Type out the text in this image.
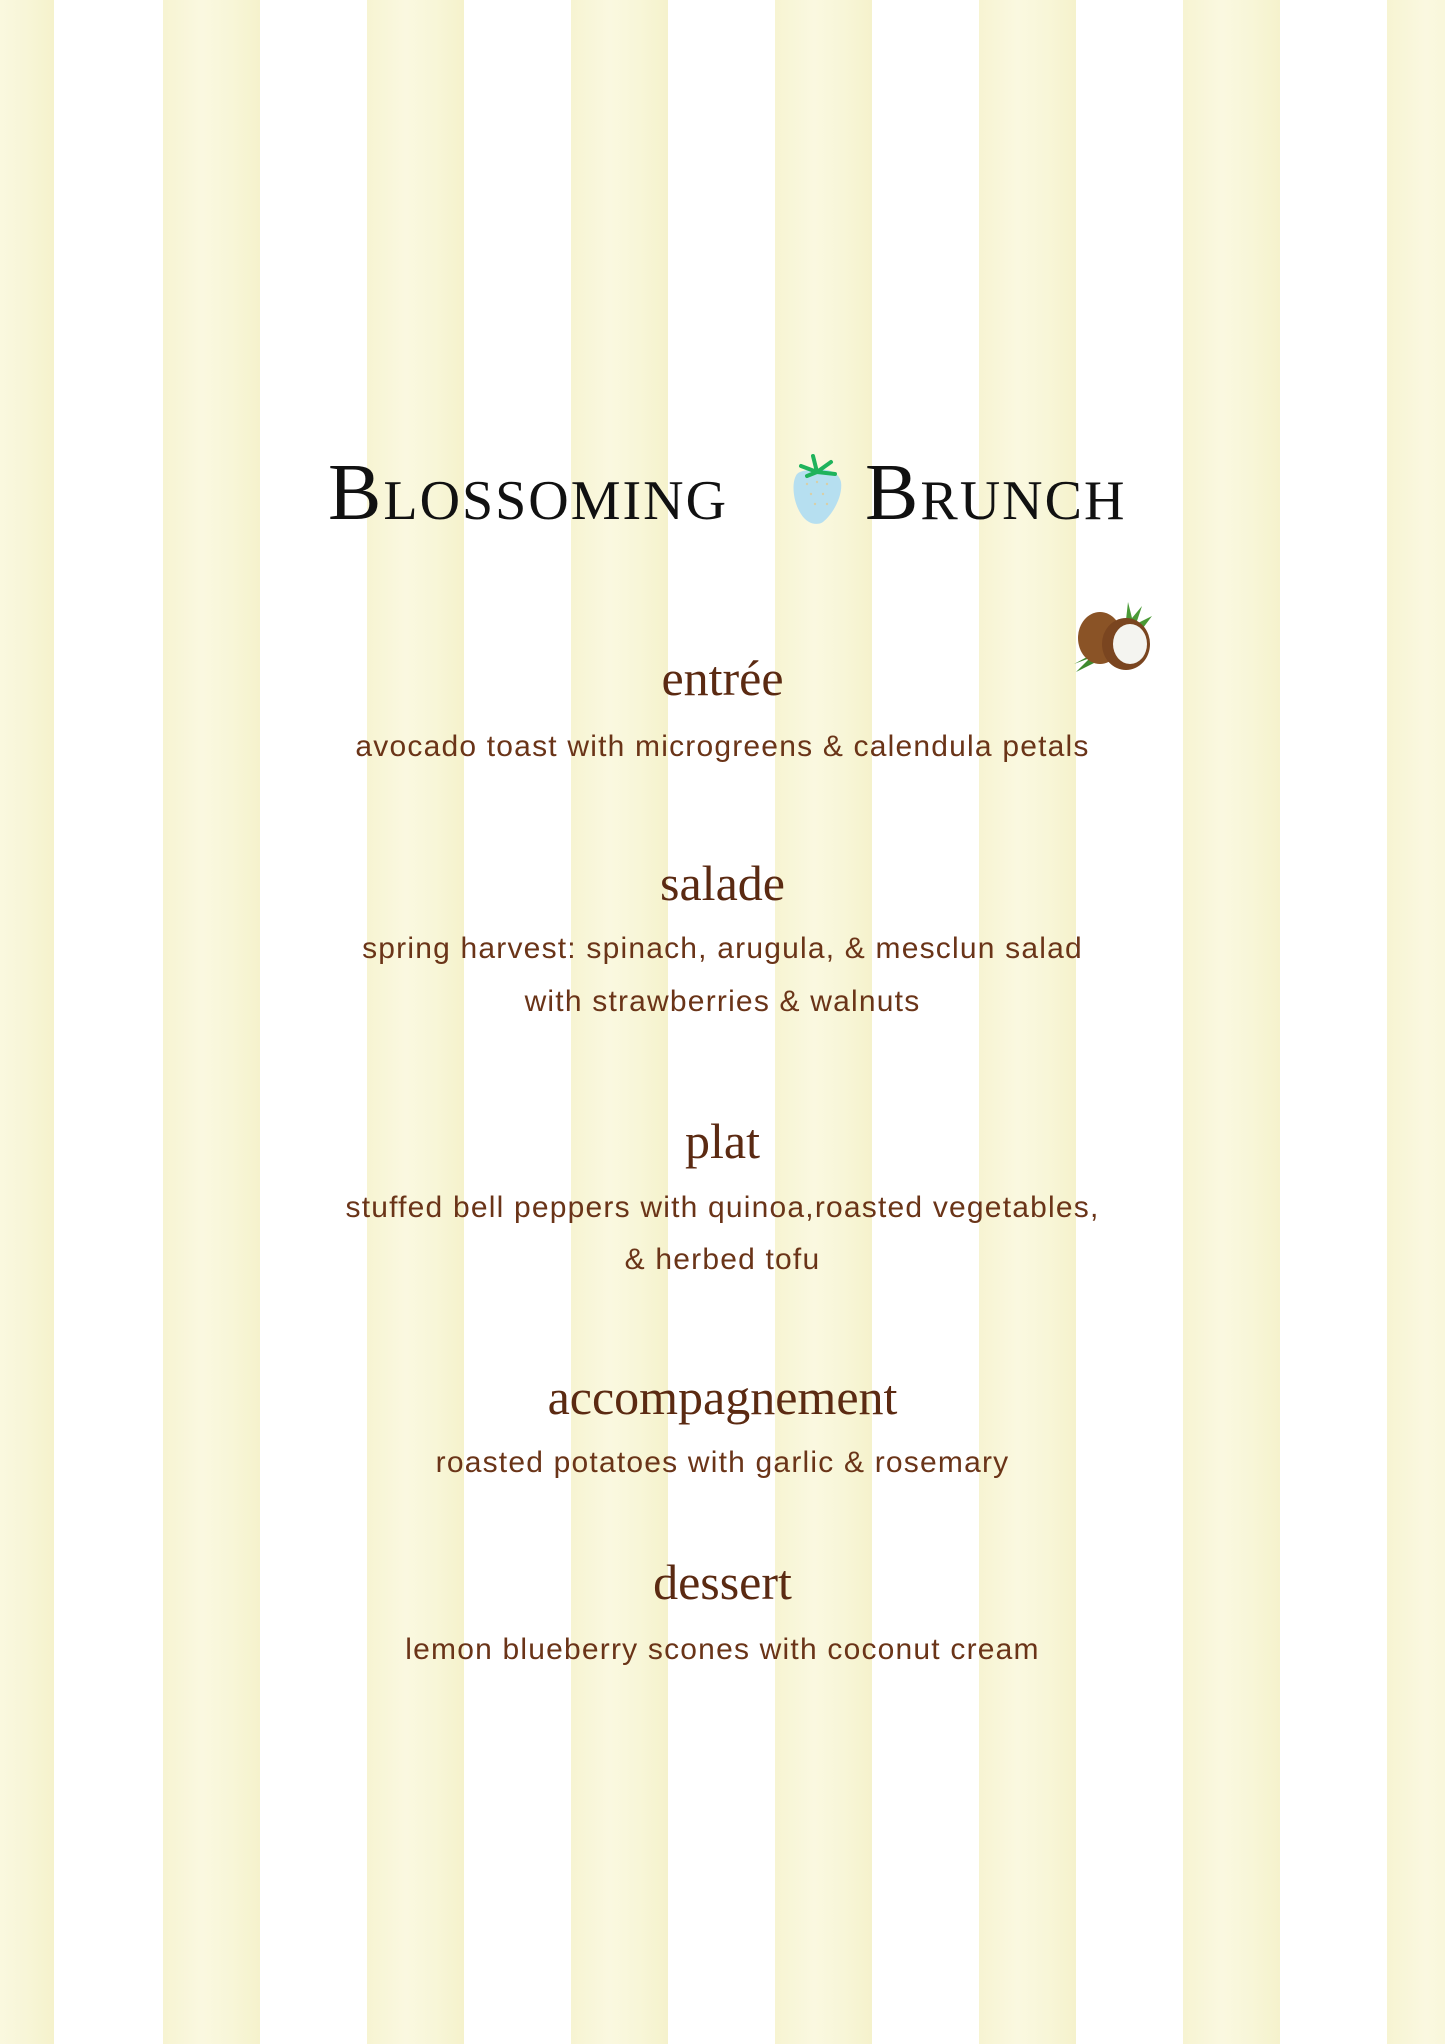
Blossoming Brunch
entrée
avocado toast with microgreens & calendula petals
salade
spring harvest: spinach, arugula, & mesclun salad
with strawberries & walnuts
plat
stuffed bell peppers with quinoa,roasted vegetables,
& herbed tofu
accompagnement
roasted potatoes with garlic & rosemary
dessert
lemon blueberry scones with coconut cream
